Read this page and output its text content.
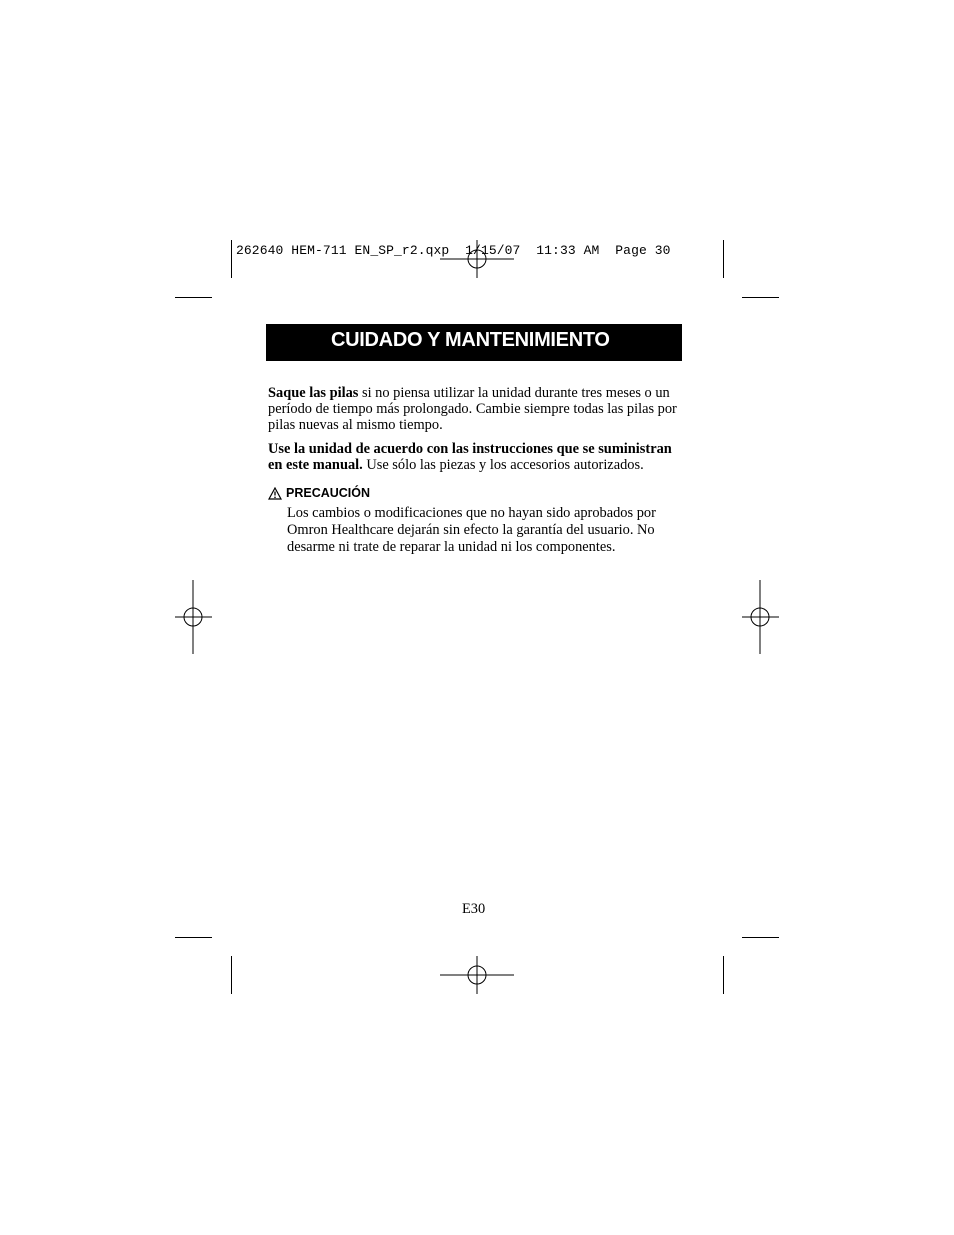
262640 HEM-711 EN_SP_r2.qxp  1/15/07  11:33 AM  Page 30
CUIDADO Y MANTENIMIENTO

Saque las pilas si no piensa utilizar la unidad durante tres meses o un período de tiempo más prolongado. Cambie siempre todas las pilas por pilas nuevas al mismo tiempo.

Use la unidad de acuerdo con las instrucciones que se suministran en este manual. Use sólo las piezas y los accesorios autorizados.

PRECAUCIÓN

Los cambios o modificaciones que no hayan sido aprobados por Omron Healthcare dejarán sin efecto la garantía del usuario. No desarme ni trate de reparar la unidad ni los componentes.

E30
